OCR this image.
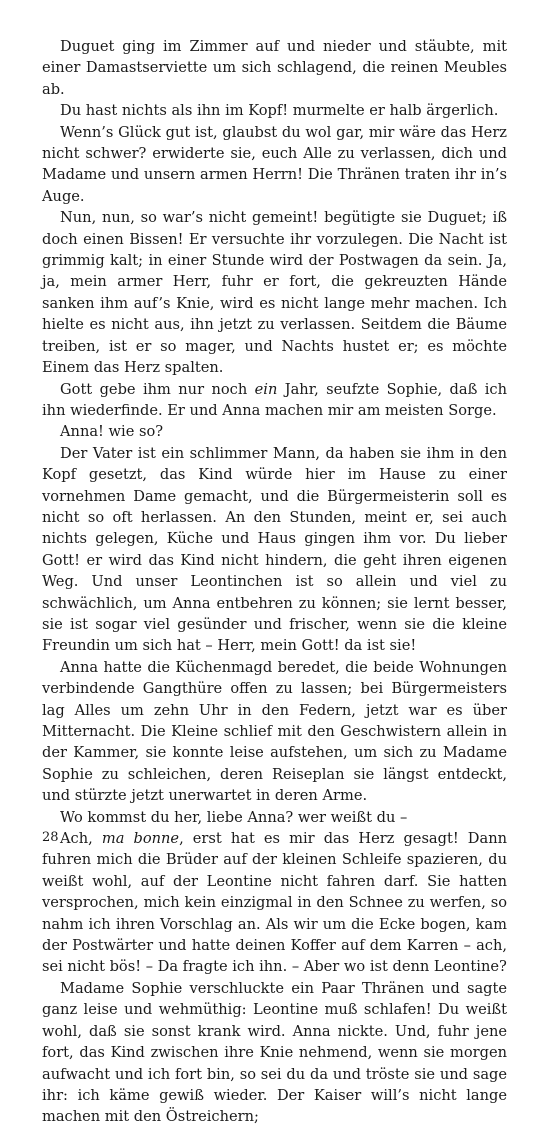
Duguet ging im Zimmer auf und nieder und stäubte, mit einer Damastserviette um sich schlagend, die reinen Meubles ab.

Du hast nichts als ihn im Kopf! murmelte er halb ärgerlich.

Wenn’s Glück gut ist, glaubst du wol gar, mir wäre das Herz nicht schwer? erwiderte sie, euch Alle zu verlassen, dich und Madame und unsern armen Herrn! Die Thränen traten ihr in’s Auge.

Nun, nun, so war’s nicht gemeint! begütigte sie Duguet; iß doch einen Bissen! Er versuchte ihr vorzulegen. Die Nacht ist grimmig kalt; in einer Stunde wird der Postwagen da sein. Ja, ja, mein armer Herr, fuhr er fort, die gekreuzten Hände sanken ihm auf’s Knie, wird es nicht lange mehr machen. Ich hielte es nicht aus, ihn jetzt zu verlassen. Seitdem die Bäume treiben, ist er so mager, und Nachts hustet er; es möchte Einem das Herz spalten.

Gott gebe ihm nur noch ein Jahr, seufzte Sophie, daß ich ihn wiederfinde. Er und Anna machen mir am meisten Sorge.

Anna! wie so?

Der Vater ist ein schlimmer Mann, da haben sie ihm in den Kopf gesetzt, das Kind würde hier im Hause zu einer vornehmen Dame gemacht, und die Bürgermeisterin soll es nicht so oft herlassen. An den Stunden, meint er, sei auch nichts gelegen, Küche und Haus gingen ihm vor. Du lieber Gott! er wird das Kind nicht hindern, die geht ihren eigenen Weg. Und unser Leontinchen ist so allein und viel zu schwächlich, um Anna entbehren zu können; sie lernt besser, sie ist sogar viel gesünder und frischer, wenn sie die kleine Freundin um sich hat – Herr, mein Gott! da ist sie!

Anna hatte die Küchenmagd beredet, die beide Wohnungen verbindende Gangthüre offen zu lassen; bei Bürgermeisters lag Alles um zehn Uhr in den Federn, jetzt war es über Mitternacht. Die Kleine schlief mit den Geschwistern allein in der Kammer, sie konnte leise aufstehen, um sich zu Madame Sophie zu schleichen, deren Reiseplan sie längst entdeckt, und stürzte jetzt unerwartet in deren Arme.

Wo kommst du her, liebe Anna? wer weißt du –

Ach, ma bonne, erst hat es mir das Herz gesagt! Dann fuhren mich die Brüder auf der kleinen Schleife spazieren, du weißt wohl, auf der Leontine nicht fahren darf. Sie hatten versprochen, mich kein einzigmal in den Schnee zu werfen, so nahm ich ihren Vorschlag an. Als wir um die Ecke bogen, kam der Postwärter und hatte deinen Koffer auf dem Karren – ach, sei nicht bös! – Da fragte ich ihn. – Aber wo ist denn Leontine?

Madame Sophie verschluckte ein Paar Thränen und sagte ganz leise und wehmüthig: Leontine muß schlafen! Du weißt wohl, daß sie sonst krank wird. Anna nickte. Und, fuhr jene fort, das Kind zwischen ihre Knie nehmend, wenn sie morgen aufwacht und ich fort bin, so sei du da und tröste sie und sage ihr: ich käme gewiß wieder. Der Kaiser will’s nicht lange machen mit den Östreichern;

28
